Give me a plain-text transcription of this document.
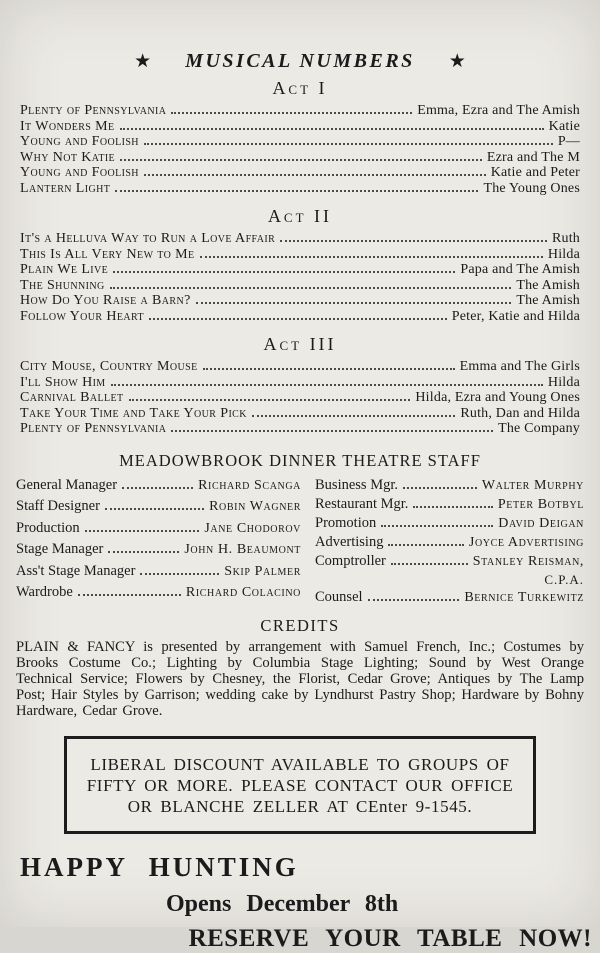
★ MUSICAL NUMBERS ★
Act I
Plenty of Pennsylvania	Emma, Ezra and The Amish
It Wonders Me	Katie
Young and Foolish	P—
Why Not Katie	Ezra and The M
Young and Foolish	Katie and Peter
Lantern Light	The Young Ones
Act II
It's a Helluva Way to Run a Love Affair	Ruth
This Is All Very New to Me	Hilda
Plain We Live	Papa and The Amish
The Shunning	The Amish
How Do You Raise a Barn?	The Amish
Follow Your Heart	Peter, Katie and Hilda
Act III
City Mouse, Country Mouse	Emma and The Girls
I'll Show Him	Hilda
Carnival Ballet	Hilda, Ezra and Young Ones
Take Your Time and Take Your Pick	Ruth, Dan and Hilda
Plenty of Pennsylvania	The Company
MEADOWBROOK DINNER THEATRE STAFF
General Manager	Richard Scanga
Staff Designer	Robin Wagner
Production	Jane Chodorov
Stage Manager	John H. Beaumont
Ass't Stage Manager	Skip Palmer
Wardrobe	Richard Colacino
Business Mgr.	Walter Murphy
Restaurant Mgr.	Peter Botbyl
Promotion	David Deigan
Advertising	Joyce Advertising
Comptroller	Stanley Reisman,
C.P.A.
Counsel	Bernice Turkewitz
CREDITS

PLAIN & FANCY is presented by arrangement with Samuel French, Inc.; Costumes by Brooks Costume Co.; Lighting by Columbia Stage Lighting; Sound by West Orange Technical Service; Flowers by Chesney, the Florist, Cedar Grove; Antiques by The Lamp Post; Hair Styles by Garrison; wedding cake by Lyndhurst Pastry Shop; Hardware by Bohny Hardware, Cedar Grove.

LIBERAL DISCOUNT AVAILABLE TO GROUPS OF
FIFTY OR MORE. PLEASE CONTACT OUR OFFICE
OR BLANCHE ZELLER AT CEnter 9-1545.
HAPPY HUNTING
Opens December 8th
RESERVE YOUR TABLE NOW!
